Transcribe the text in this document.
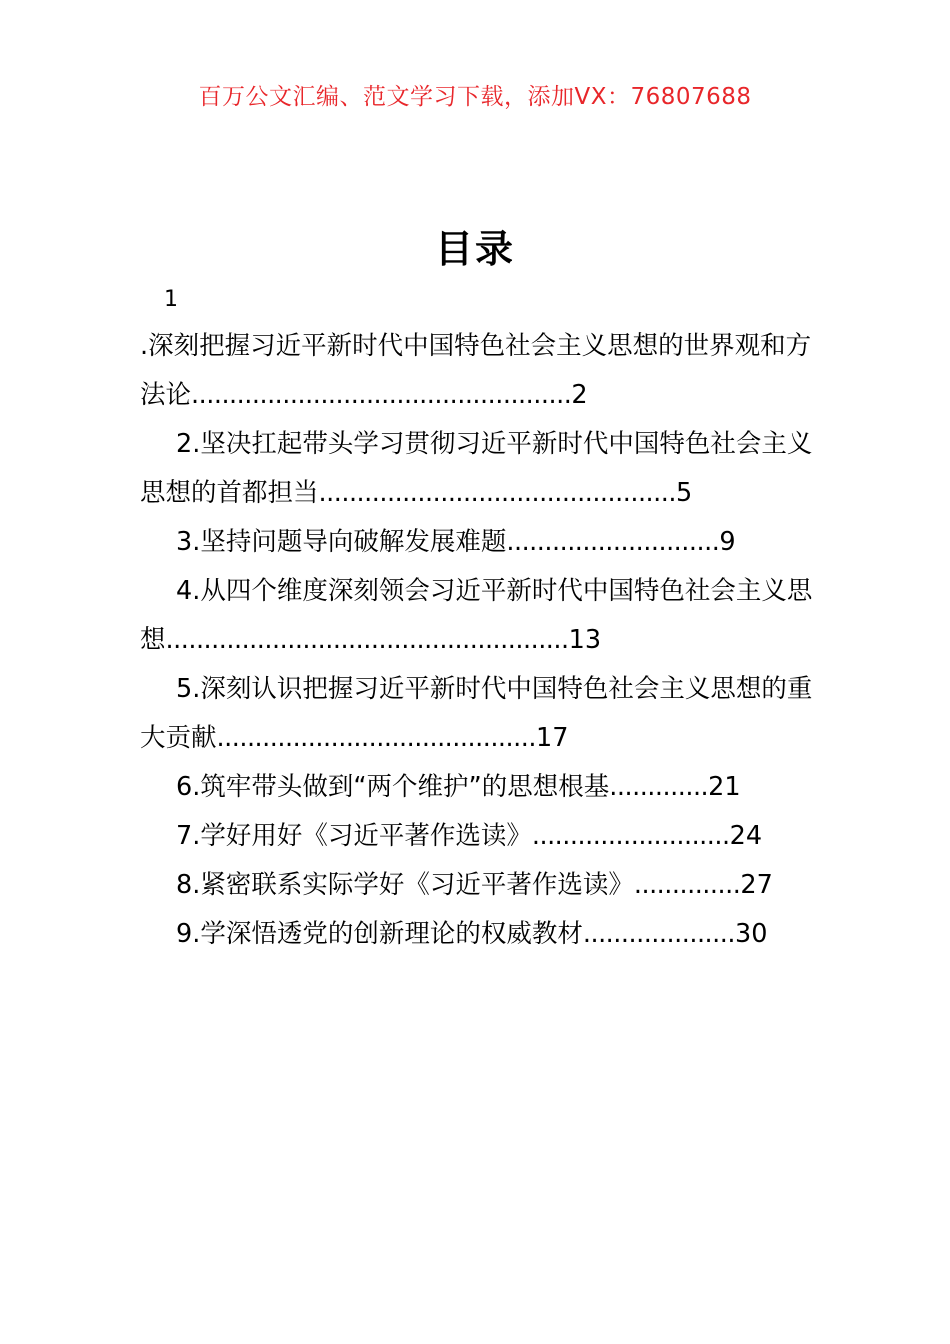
百万公文汇编、范文学习下载，添加VX：76807688
目录
1
.深刻把握习近平新时代中国特色社会主义思想的世界观和方法论..................................................2
2.坚决扛起带头学习贯彻习近平新时代中国特色社会主义思想的首都担当...............................................5
3.坚持问题导向破解发展难题............................9
4.从四个维度深刻领会习近平新时代中国特色社会主义思想.....................................................13
5.深刻认识把握习近平新时代中国特色社会主义思想的重大贡献..........................................17
6.筑牢带头做到“两个维护”的思想根基.............21
7.学好用好《习近平著作选读》..........................24
8.紧密联系实际学好《习近平著作选读》..............27
9.学深悟透党的创新理论的权威教材....................30
